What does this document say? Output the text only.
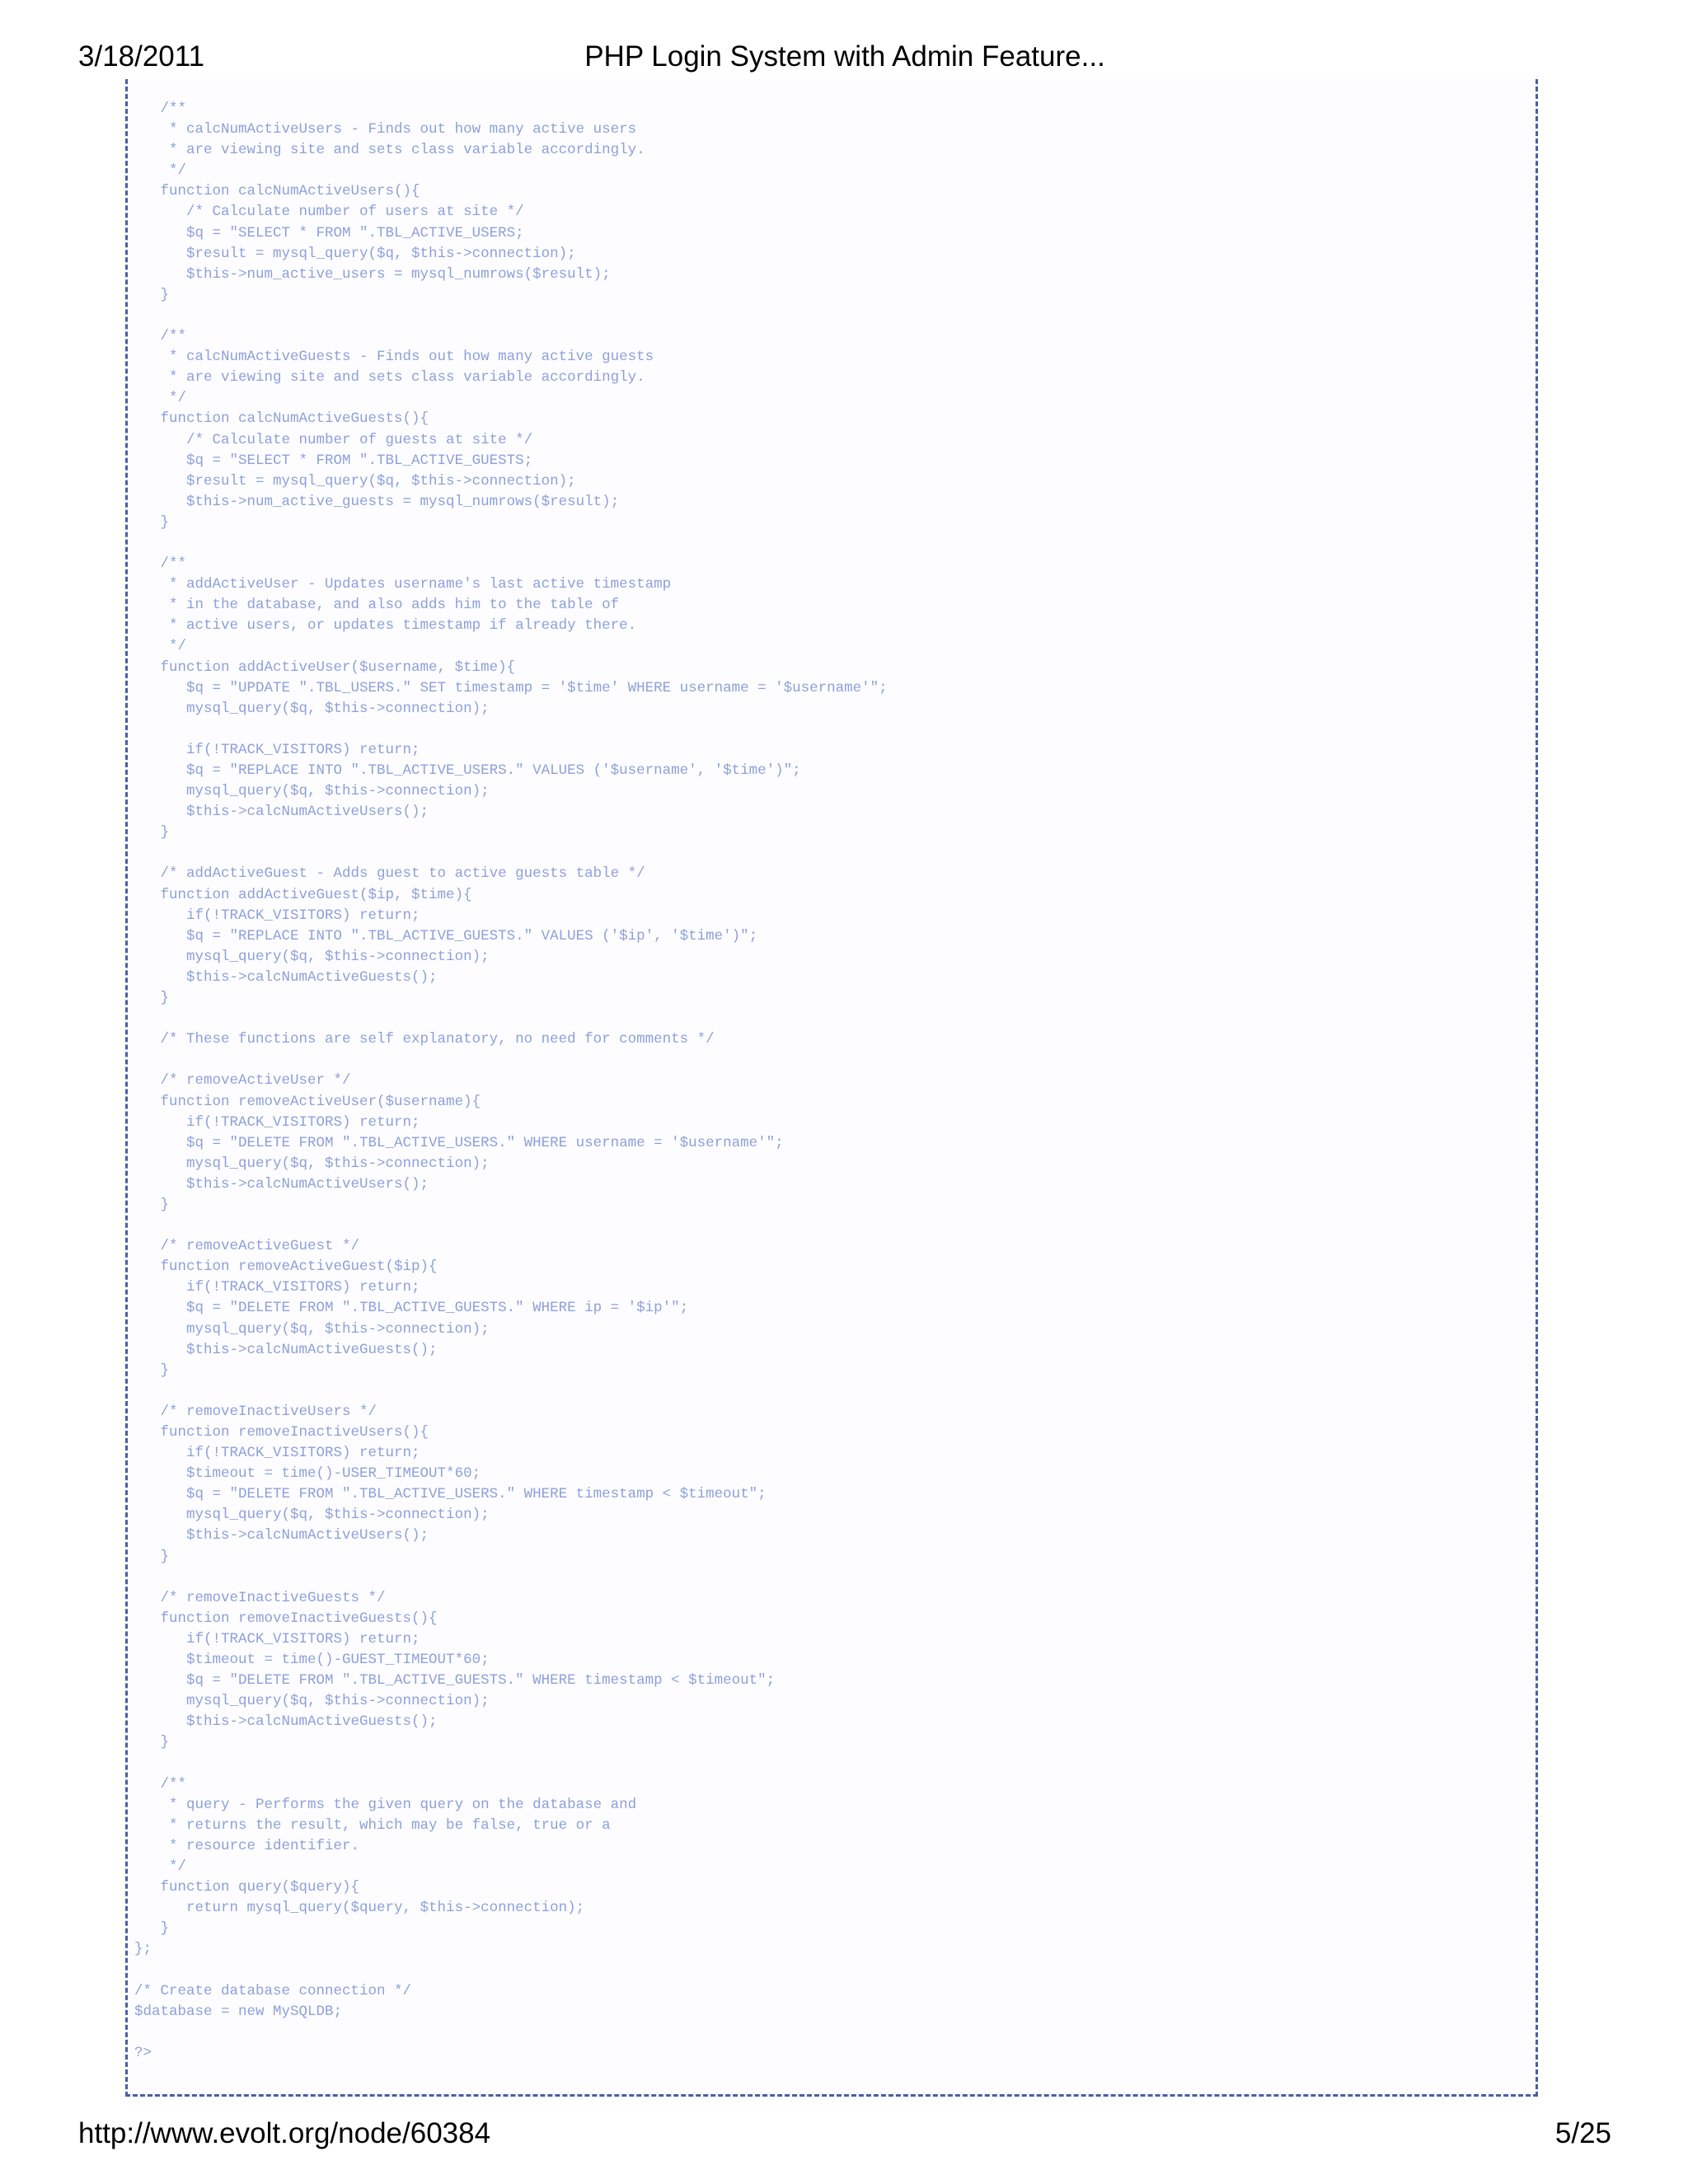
3/18/2011	PHP Login System with Admin Feature...
/**
* calcNumActiveUsers - Finds out how many active users
* are viewing site and sets class variable accordingly.
*/
function calcNumActiveUsers(){
/* Calculate number of users at site */
$q = "SELECT * FROM ".TBL_ACTIVE_USERS;
$result = mysql_query($q, $this->connection);
$this->num_active_users = mysql_numrows($result);
}
/**
* calcNumActiveGuests - Finds out how many active guests
* are viewing site and sets class variable accordingly.
*/
function calcNumActiveGuests(){
/* Calculate number of guests at site */
$q = "SELECT * FROM ".TBL_ACTIVE_GUESTS;
$result = mysql_query($q, $this->connection);
$this->num_active_guests = mysql_numrows($result);
}
/**
* addActiveUser - Updates username's last active timestamp
* in the database, and also adds him to the table of
* active users, or updates timestamp if already there.
*/
function addActiveUser($username, $time){
$q = "UPDATE ".TBL_USERS." SET timestamp = '$time' WHERE username = '$username'";
mysql_query($q, $this->connection);
if(!TRACK_VISITORS) return;
$q = "REPLACE INTO ".TBL_ACTIVE_USERS." VALUES ('$username', '$time')";
mysql_query($q, $this->connection);
$this->calcNumActiveUsers();
}
/* addActiveGuest - Adds guest to active guests table */
function addActiveGuest($ip, $time){
if(!TRACK_VISITORS) return;
$q = "REPLACE INTO ".TBL_ACTIVE_GUESTS." VALUES ('$ip', '$time')";
mysql_query($q, $this->connection);
$this->calcNumActiveGuests();
}
/* These functions are self explanatory, no need for comments */
/* removeActiveUser */
function removeActiveUser($username){
if(!TRACK_VISITORS) return;
$q = "DELETE FROM ".TBL_ACTIVE_USERS." WHERE username = '$username'";
mysql_query($q, $this->connection);
$this->calcNumActiveUsers();
}
/* removeActiveGuest */
function removeActiveGuest($ip){
if(!TRACK_VISITORS) return;
$q = "DELETE FROM ".TBL_ACTIVE_GUESTS." WHERE ip = '$ip'";
mysql_query($q, $this->connection);
$this->calcNumActiveGuests();
}
/* removeInactiveUsers */
function removeInactiveUsers(){
if(!TRACK_VISITORS) return;
$timeout = time()-USER_TIMEOUT*60;
$q = "DELETE FROM ".TBL_ACTIVE_USERS." WHERE timestamp < $timeout";
mysql_query($q, $this->connection);
$this->calcNumActiveUsers();
}
/* removeInactiveGuests */
function removeInactiveGuests(){
if(!TRACK_VISITORS) return;
$timeout = time()-GUEST_TIMEOUT*60;
$q = "DELETE FROM ".TBL_ACTIVE_GUESTS." WHERE timestamp < $timeout";
mysql_query($q, $this->connection);
$this->calcNumActiveGuests();
}
/**
* query - Performs the given query on the database and
* returns the result, which may be false, true or a
* resource identifier.
*/
function query($query){
return mysql_query($query, $this->connection);
}
};
/* Create database connection */
$database = new MySQLDB;
?>
http://www.evolt.org/node/60384	5/25
